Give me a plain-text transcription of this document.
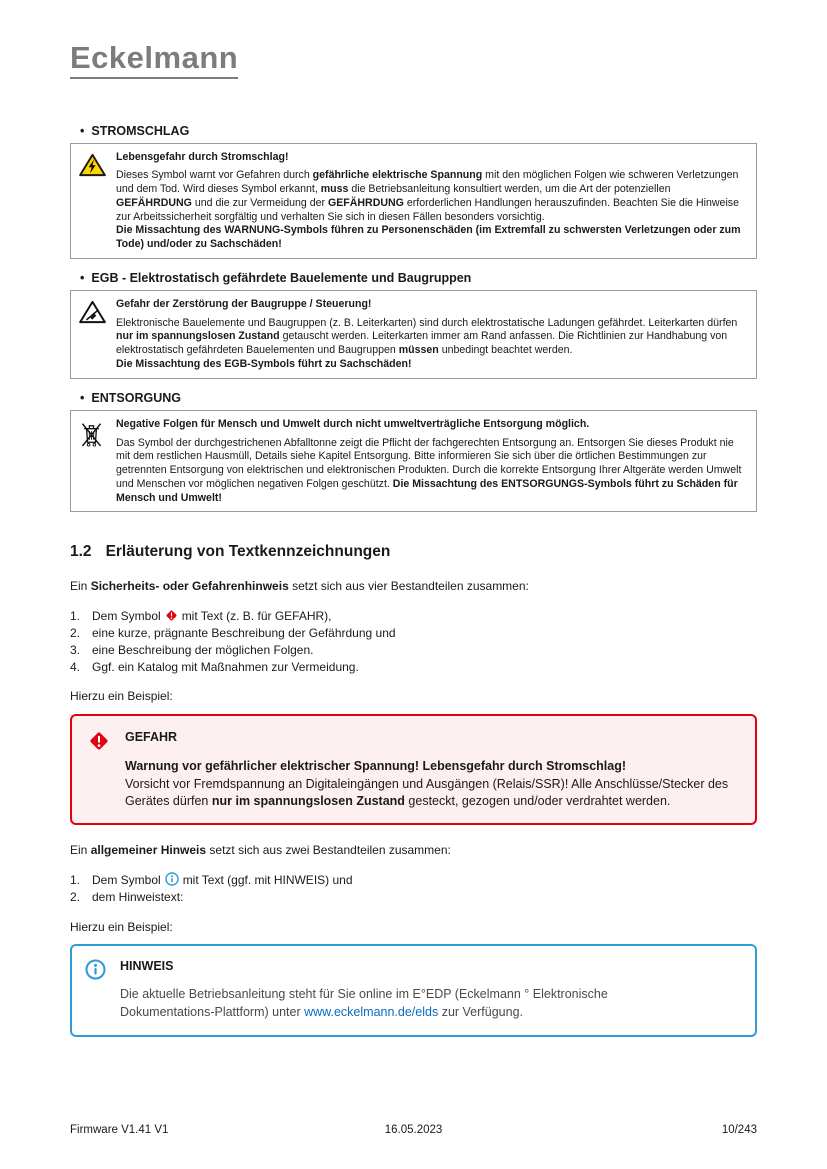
Eckelmann
• STROMSCHLAG

Lebensgefahr durch Stromschlag!

Dieses Symbol warnt vor Gefahren durch gefährliche elektrische Spannung mit den möglichen Folgen wie schweren Verletzungen und dem Tod. Wird dieses Symbol erkannt, muss die Betriebsanleitung konsultiert werden, um die Art der potenziellen GEFÄHRDUNG und die zur Vermeidung der GEFÄHRDUNG erforderlichen Handlungen herauszufinden. Beachten Sie die Hinweise zur Arbeitssicherheit sorgfältig und verhalten Sie sich in diesen Fällen besonders vorsichtig.

Die Missachtung des WARNUNG-Symbols führen zu Personenschäden (im Extremfall zu schwersten Verletzungen oder zum Tode) und/oder zu Sachschäden!

• EGB - Elektrostatisch gefährdete Bauelemente und Baugruppen

Gefahr der Zerstörung der Baugruppe / Steuerung!

Elektronische Bauelemente und Baugruppen (z. B. Leiterkarten) sind durch elektrostatische Ladungen gefährdet. Leiterkarten dürfen nur im spannungslosen Zustand getauscht werden. Leiterkarten immer am Rand anfassen. Die Richtlinien zur Handhabung von elektrostatisch gefährdeten Bauelementen und Baugruppen müssen unbedingt beachtet werden.

Die Missachtung des EGB-Symbols führt zu Sachschäden!

• ENTSORGUNG

Negative Folgen für Mensch und Umwelt durch nicht umweltverträgliche Entsorgung möglich.

Das Symbol der durchgestrichenen Abfalltonne zeigt die Pflicht der fachgerechten Entsorgung an. Entsorgen Sie dieses Produkt nie mit dem restlichen Hausmüll, Details siehe Kapitel Entsorgung. Bitte informieren Sie sich über die örtlichen Bestimmungen zur getrennten Entsorgung von elektrischen und elektronischen Produkten. Durch die korrekte Entsorgung Ihrer Altgeräte werden Umwelt und Menschen vor möglichen negativen Folgen geschützt. Die Missachtung des ENTSORGUNGS-Symbols führt zu Schäden für Mensch und Umwelt!

1.2 Erläuterung von Textkennzeichnungen

Ein Sicherheits- oder Gefahrenhinweis setzt sich aus vier Bestandteilen zusammen:

1. Dem Symbol mit Text (z. B. für GEFAHR),
2. eine kurze, prägnante Beschreibung der Gefährdung und
3. eine Beschreibung der möglichen Folgen.
4. Ggf. ein Katalog mit Maßnahmen zur Vermeidung.

Hierzu ein Beispiel:

GEFAHR

Warnung vor gefährlicher elektrischer Spannung! Lebensgefahr durch Stromschlag!

Vorsicht vor Fremdspannung an Digitaleingängen und Ausgängen (Relais/SSR)! Alle Anschlüsse/Stecker des Gerätes dürfen nur im spannungslosen Zustand gesteckt, gezogen und/oder verdrahtet werden.

Ein allgemeiner Hinweis setzt sich aus zwei Bestandteilen zusammen:

1. Dem Symbol mit Text (ggf. mit HINWEIS) und
2. dem Hinweistext:

Hierzu ein Beispiel:

HINWEIS

Die aktuelle Betriebsanleitung steht für Sie online im E°EDP (Eckelmann ° Elektronische Dokumentations-Plattform) unter www.eckelmann.de/elds zur Verfügung.

Firmware V1.41 V1	16.05.2023	10/243
